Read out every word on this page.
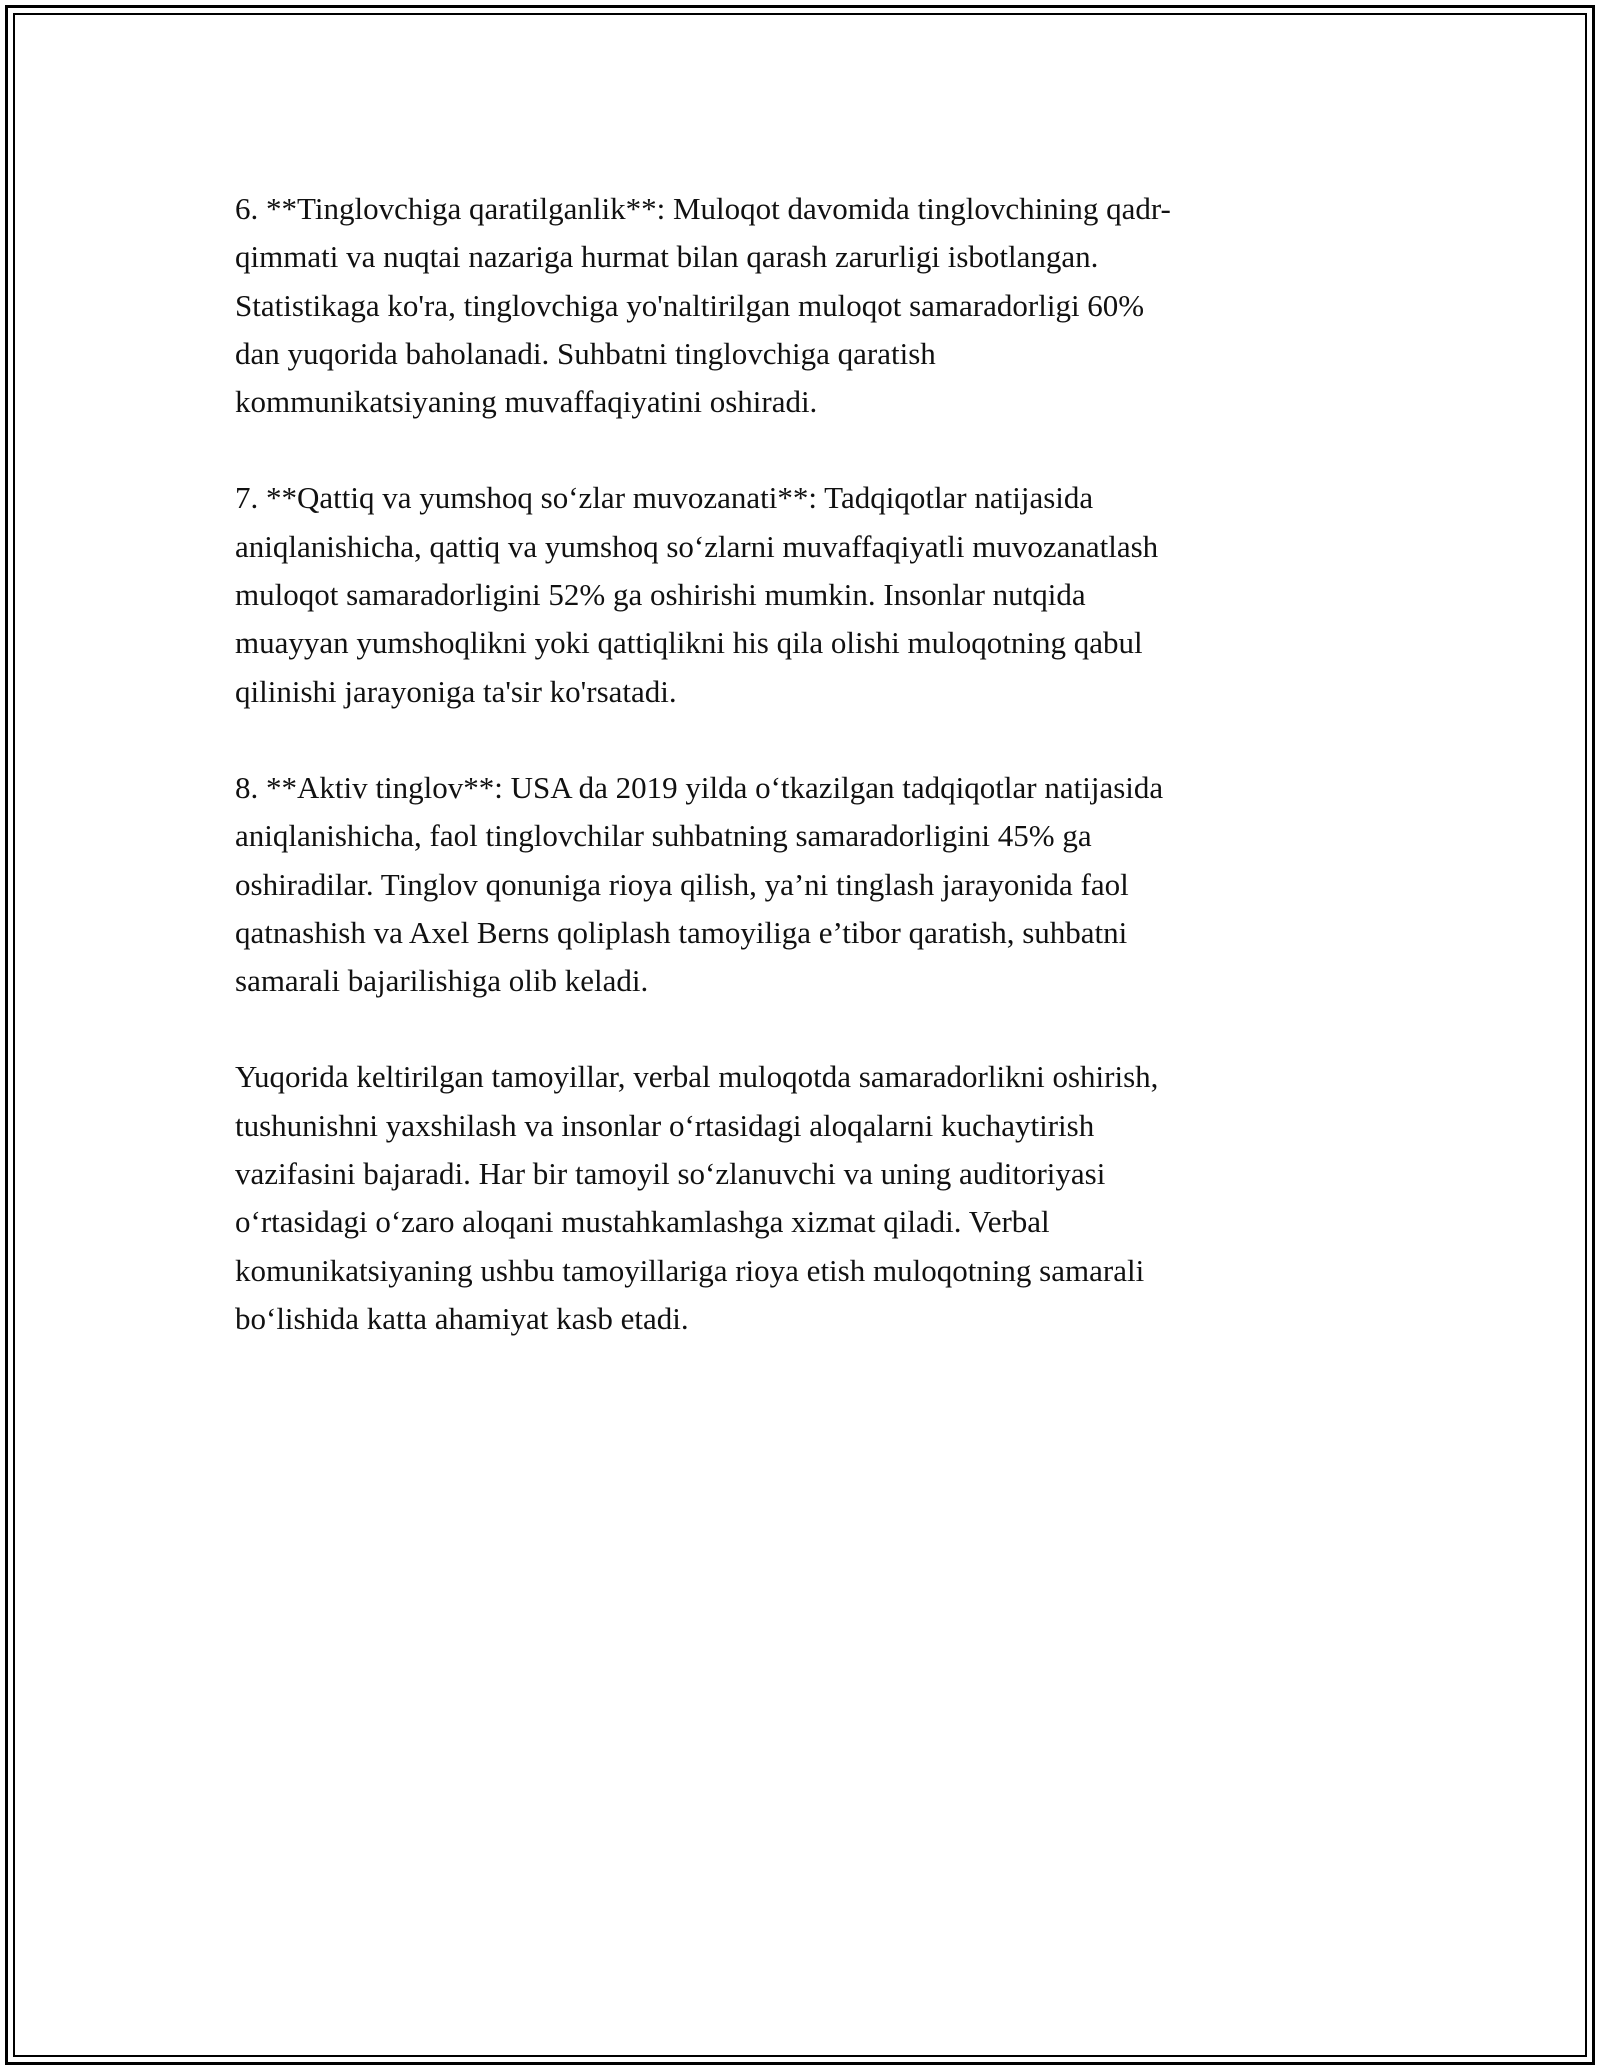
6. **Tinglovchiga qaratilganlik**: Muloqot davomida tinglovchining qadr-
qimmati va nuqtai nazariga hurmat bilan qarash zarurligi isbotlangan.
Statistikaga ko'ra, tinglovchiga yo'naltirilgan muloqot samaradorligi 60%
dan yuqorida baholanadi. Suhbatni tinglovchiga qaratish
kommunikatsiyaning muvaffaqiyatini oshiradi.

7. **Qattiq va yumshoq so‘zlar muvozanati**: Tadqiqotlar natijasida
aniqlanishicha, qattiq va yumshoq so‘zlarni muvaffaqiyatli muvozanatlash
muloqot samaradorligini 52% ga oshirishi mumkin. Insonlar nutqida
muayyan yumshoqlikni yoki qattiqlikni his qila olishi muloqotning qabul
qilinishi jarayoniga ta'sir ko'rsatadi.

8. **Aktiv tinglov**: USA da 2019 yilda o‘tkazilgan tadqiqotlar natijasida
aniqlanishicha, faol tinglovchilar suhbatning samaradorligini 45% ga
oshiradilar. Tinglov qonuniga rioya qilish, ya’ni tinglash jarayonida faol
qatnashish va Axel Berns qoliplash tamoyiliga e’tibor qaratish, suhbatni
samarali bajarilishiga olib keladi.

Yuqorida keltirilgan tamoyillar, verbal muloqotda samaradorlikni oshirish,
tushunishni yaxshilash va insonlar o‘rtasidagi aloqalarni kuchaytirish
vazifasini bajaradi. Har bir tamoyil so‘zlanuvchi va uning auditoriyasi
o‘rtasidagi o‘zaro aloqani mustahkamlashga xizmat qiladi. Verbal
komunikatsiyaning ushbu tamoyillariga rioya etish muloqotning samarali
bo‘lishida katta ahamiyat kasb etadi.
